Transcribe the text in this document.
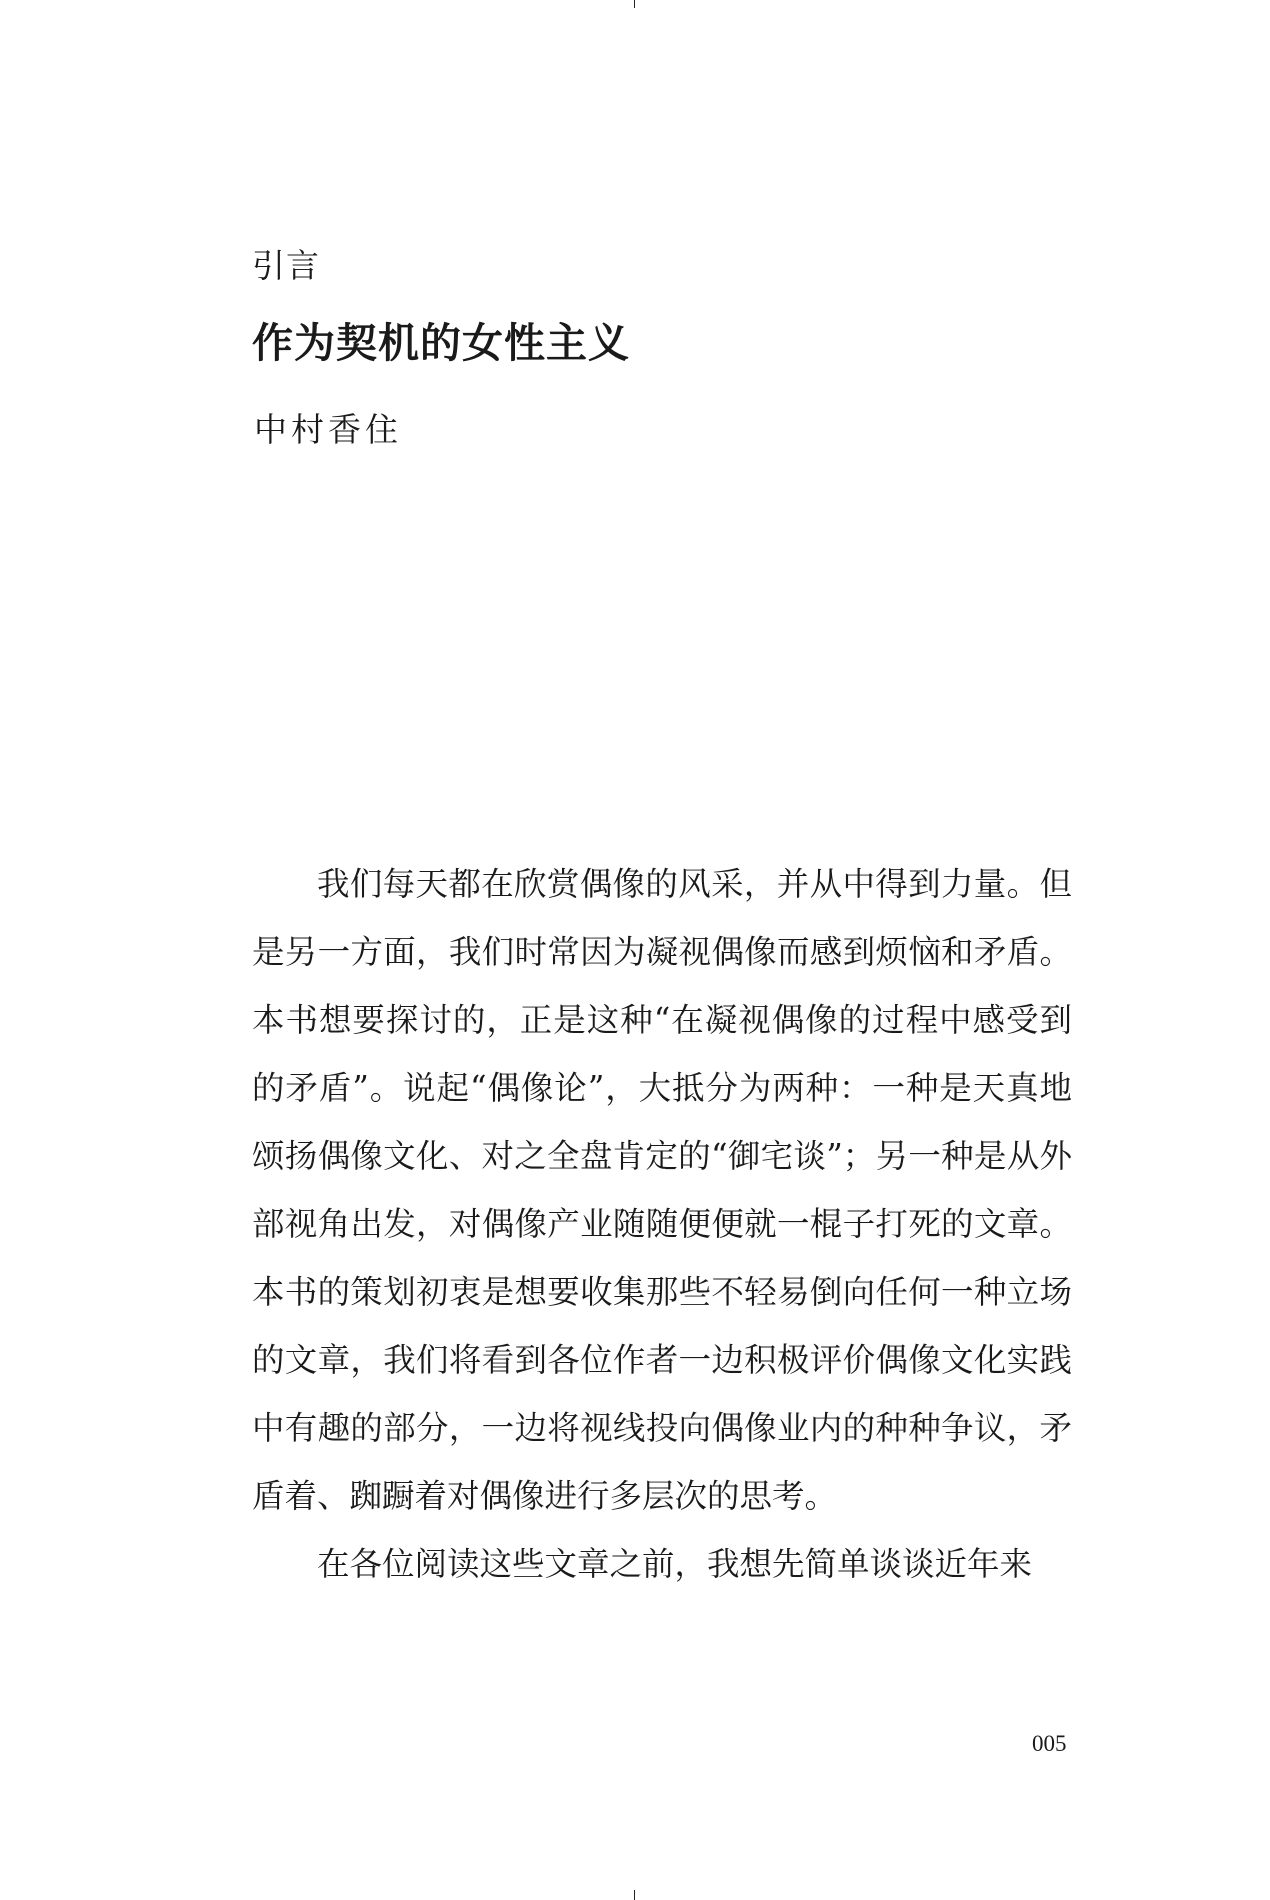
引言
作为契机的女性主义
中村香住

我们每天都在欣赏偶像的风采，并从中得到力量。但是另一方面，我们时常因为凝视偶像而感到烦恼和矛盾。本书想要探讨的，正是这种“在凝视偶像的过程中感受到的矛盾”。说起“偶像论”，大抵分为两种：一种是天真地颂扬偶像文化、对之全盘肯定的“御宅谈”；另一种是从外部视角出发，对偶像产业随随便便就一棍子打死的文章。本书的策划初衷是想要收集那些不轻易倒向任何一种立场的文章，我们将看到各位作者一边积极评价偶像文化实践中有趣的部分，一边将视线投向偶像业内的种种争议，矛盾着、踟蹰着对偶像进行多层次的思考。

在各位阅读这些文章之前，我想先简单谈谈近年来

005
